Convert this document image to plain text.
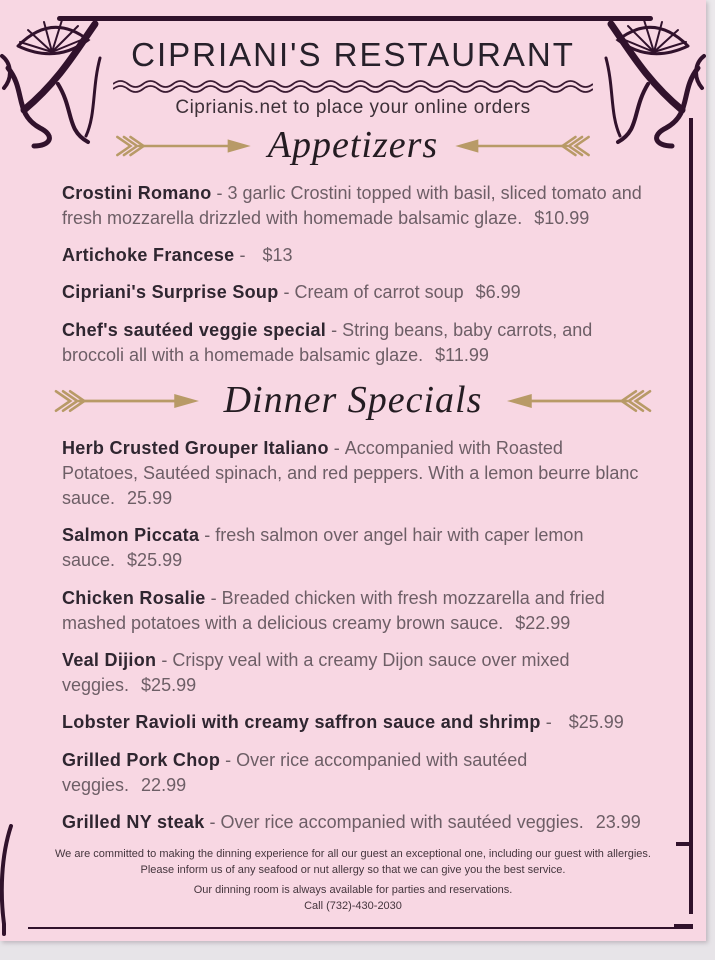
CIPRIANI'S RESTAURANT

Ciprianis.net to place your online orders

Appetizers

Crostini Romano - 3 garlic Crostini topped with basil, sliced tomato and fresh mozzarella drizzled with homemade balsamic glaze. $10.99

Artichoke Francese - $13

Cipriani's Surprise Soup - Cream of carrot soup $6.99

Chef's sautéed veggie special - String beans, baby carrots, and broccoli all with a homemade balsamic glaze. $11.99

Dinner Specials

Herb Crusted Grouper Italiano - Accompanied with Roasted Potatoes, Sautéed spinach, and red peppers. With a lemon beurre blanc sauce. 25.99

Salmon Piccata - fresh salmon over angel hair with caper lemon sauce. $25.99

Chicken Rosalie - Breaded chicken with fresh mozzarella and fried mashed potatoes with a delicious creamy brown sauce. $22.99

Veal Dijion - Crispy veal with a creamy Dijon sauce over mixed veggies. $25.99

Lobster Ravioli with creamy saffron sauce and shrimp - $25.99

Grilled Pork Chop - Over rice accompanied with sautéed veggies. 22.99

Grilled NY steak - Over rice accompanied with sautéed veggies. 23.99

We are committed to making the dinning experience for all our guest an exceptional one, including our guest with allergies. Please inform us of any seafood or nut allergy so that we can give you the best service.

Our dinning room is always available for parties and reservations.

Call (732)-430-2030
